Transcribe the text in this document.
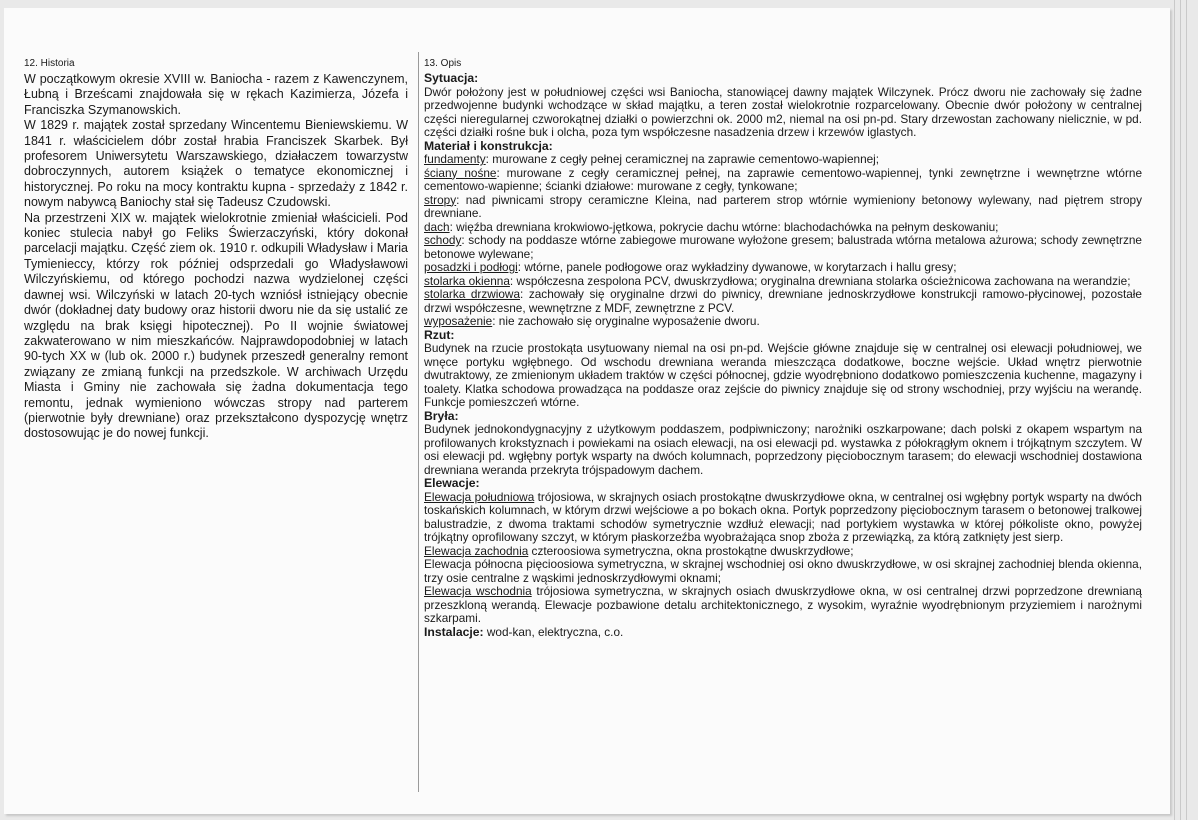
12. Historia

W początkowym okresie XVIII w. Baniocha - razem z Kawenczynem, Łubną i Brześcami znajdowała się w rękach Kazimierza, Józefa i Franciszka Szymanowskich.

W 1829 r. majątek został sprzedany Wincentemu Bieniewskiemu. W 1841 r. właścicielem dóbr został hrabia Franciszek Skarbek. Był profesorem Uniwersytetu Warszawskiego, działaczem towarzystw dobroczynnych, autorem książek o tematyce ekonomicznej i historycznej. Po roku na mocy kontraktu kupna - sprzedaży z 1842 r. nowym nabywcą Baniochy stał się Tadeusz Czudowski.

Na przestrzeni XIX w. majątek wielokrotnie zmieniał właścicieli. Pod koniec stulecia nabył go Feliks Świerzaczyński, który dokonał parcelacji majątku. Część ziem ok. 1910 r. odkupili Władysław i Maria Tymienieccy, którzy rok później odsprzedali go Władysławowi Wilczyńskiemu, od którego pochodzi nazwa wydzielonej części dawnej wsi. Wilczyński w latach 20-tych wzniósł istniejący obecnie dwór (dokładnej daty budowy oraz historii dworu nie da się ustalić ze względu na brak księgi hipotecznej). Po II wojnie światowej zakwaterowano w nim mieszkańców. Najprawdopodobniej w latach 90-tych XX w (lub ok. 2000 r.) budynek przeszedł generalny remont związany ze zmianą funkcji na przedszkole. W archiwach Urzędu Miasta i Gminy nie zachowała się żadna dokumentacja tego remontu, jednak wymieniono wówczas stropy nad parterem (pierwotnie były drewniane) oraz przekształcono dyspozycję wnętrz dostosowując je do nowej funkcji.

13. Opis

Sytuacja:

Dwór położony jest w południowej części wsi Baniocha, stanowiącej dawny majątek Wilczynek. Prócz dworu nie zachowały się żadne przedwojenne budynki wchodzące w skład majątku, a teren został wielokrotnie rozparcelowany. Obecnie dwór położony w centralnej części nieregularnej czworokątnej działki o powierzchni ok. 2000 m2, niemal na osi pn-pd. Stary drzewostan zachowany nielicznie, w pd. części działki rośne buk i olcha, poza tym współczesne nasadzenia drzew i krzewów iglastych.

Materiał i konstrukcja:

fundamenty: murowane z cegły pełnej ceramicznej na zaprawie cementowo-wapiennej;
ściany nośne: murowane z cegły ceramicznej pełnej, na zaprawie cementowo-wapiennej, tynki zewnętrzne i wewnętrzne wtórne cementowo-wapienne; ścianki działowe: murowane z cegły, tynkowane;
stropy: nad piwnicami stropy ceramiczne Kleina, nad parterem strop wtórnie wymieniony betonowy wylewany, nad piętrem stropy drewniane.
dach: więźba drewniana krokwiowo-jętkowa, pokrycie dachu wtórne: blachodachówka na pełnym deskowaniu;
schody: schody na poddasze wtórne zabiegowe murowane wyłożone gresem; balustrada wtórna metalowa ażurowa; schody zewnętrzne betonowe wylewane;
posadzki i podłogi: wtórne, panele podłogowe oraz wykładziny dywanowe, w korytarzach i hallu gresy;
stolarka okienna: współczesna zespolona PCV, dwuskrzydłowa; oryginalna drewniana stolarka ościeżnicowa zachowana na werandzie;
stolarka drzwiowa: zachowały się oryginalne drzwi do piwnicy, drewniane jednoskrzydłowe konstrukcji ramowo-płycinowej, pozostałe drzwi współczesne, wewnętrzne z MDF, zewnętrzne z PCV.
wyposażenie: nie zachowało się oryginalne wyposażenie dworu.

Rzut:

Budynek na rzucie prostokąta usytuowany niemal na osi pn-pd. Wejście główne znajduje się w centralnej osi elewacji południowej, we wnęce portyku wgłębnego. Od wschodu drewniana weranda mieszcząca dodatkowe, boczne wejście. Układ wnętrz pierwotnie dwutraktowy, ze zmienionym układem traktów w części północnej, gdzie wyodrębniono dodatkowo pomieszczenia kuchenne, magazyny i toalety. Klatka schodowa prowadząca na poddasze oraz zejście do piwnicy znajduje się od strony wschodniej, przy wyjściu na werandę. Funkcje pomieszczeń wtórne.

Bryła:

Budynek jednokondygnacyjny z użytkowym poddaszem, podpiwniczony; narożniki oszkarpowane; dach polski z okapem wspartym na profilowanych krokstyznach i powiekami na osiach elewacji, na osi elewacji pd. wystawka z półokrągłym oknem i trójkątnym szczytem. W osi elewacji pd. wgłębny portyk wsparty na dwóch kolumnach, poprzedzony pięciobocznym tarasem; do elewacji wschodniej dostawiona drewniana weranda przekryta trójspadowym dachem.

Elewacje:

Elewacja południowa trójosiowa, w skrajnych osiach prostokątne dwuskrzydłowe okna, w centralnej osi wgłębny portyk wsparty na dwóch toskańskich kolumnach, w którym drzwi wejściowe a po bokach okna. Portyk poprzedzony pięciobocznym tarasem o betonowej tralkowej balustradzie, z dwoma traktami schodów symetrycznie wzdłuż elewacji; nad portykiem wystawka w której półkoliste okno, powyżej trójkątny oprofilowany szczyt, w którym płaskorzeźba wyobrażająca snop zboża z przewiązką, za którą zatknięty jest sierp.
Elewacja zachodnia czteroosiowa symetryczna, okna prostokątne dwuskrzydłowe;
Elewacja północna pięcioosiowa symetryczna, w skrajnej wschodniej osi okno dwuskrzydłowe, w osi skrajnej zachodniej blenda okienna, trzy osie centralne z wąskimi jednoskrzydłowymi oknami;
Elewacja wschodnia trójosiowa symetryczna, w skrajnych osiach dwuskrzydłowe okna, w osi centralnej drzwi poprzedzone drewnianą przeszkloną werandą. Elewacje pozbawione detalu architektonicznego, z wysokim, wyraźnie wyodrębnionym przyziemiem i narożnymi szkarpami.
Instalacje: wod-kan, elektryczna, c.o.
